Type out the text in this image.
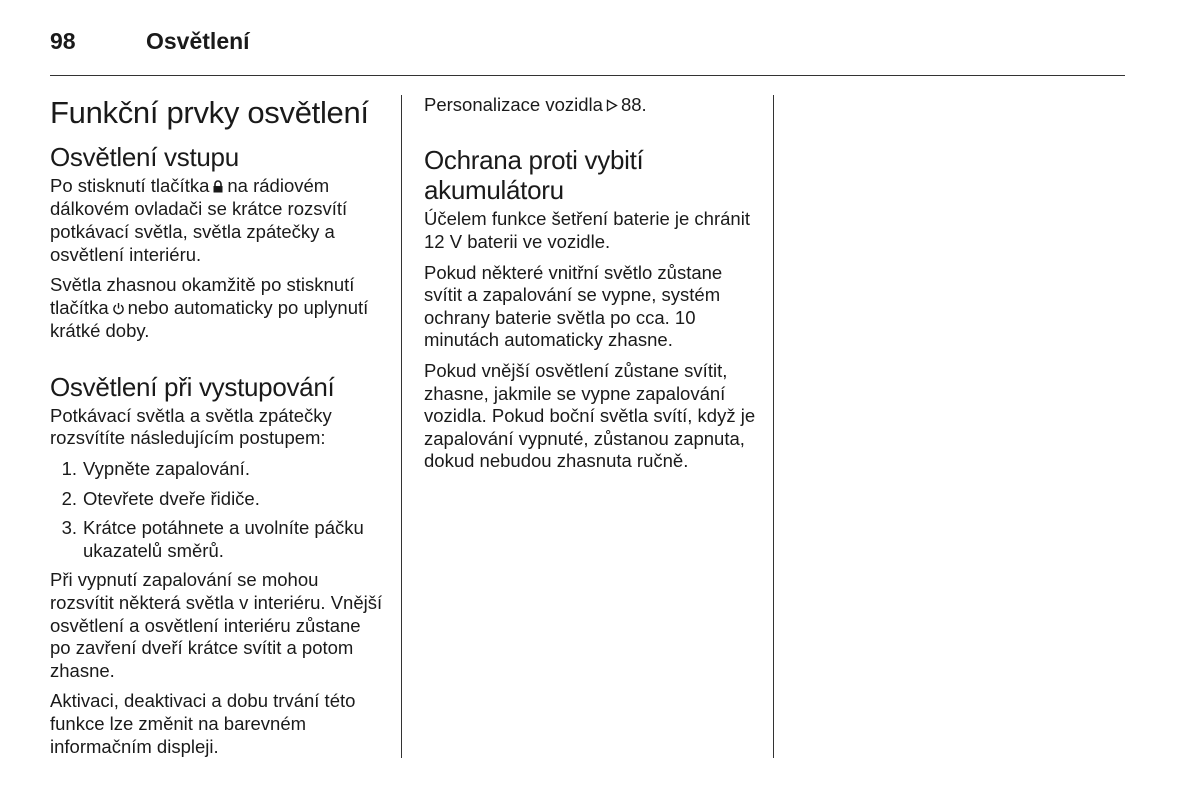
98	Osvětlení
Funkční prvky osvětlení
Osvětlení vstupu

Po stisknutí tlačítka na rádiovém dálkovém ovladači se krátce rozsvítí potkávací světla, světla zpátečky a osvětlení interiéru.

Světla zhasnou okamžitě po stisknutí tlačítka nebo automaticky po uplynutí krátké doby.

Osvětlení při vystupování

Potkávací světla a světla zpátečky rozsvítíte následujícím postupem:

1. Vypněte zapalování.
2. Otevřete dveře řidiče.
3. Krátce potáhnete a uvolníte páčku ukazatelů směrů.

Při vypnutí zapalování se mohou rozsvítit některá světla v interiéru. Vnější osvětlení a osvětlení interiéru zůstane po zavření dveří krátce svítit a potom zhasne.

Aktivaci, deaktivaci a dobu trvání této funkce lze změnit na barevném informačním displeji.

Personalizace vozidla 88.

Ochrana proti vybití akumulátoru

Účelem funkce šetření baterie je chránit 12 V baterii ve vozidle.

Pokud některé vnitřní světlo zůstane svítit a zapalování se vypne, systém ochrany baterie světla po cca. 10 minutách automaticky zhasne.

Pokud vnější osvětlení zůstane svítit, zhasne, jakmile se vypne zapalování vozidla. Pokud boční světla svítí, když je zapalování vypnuté, zůstanou zapnuta, dokud nebudou zhasnuta ručně.
